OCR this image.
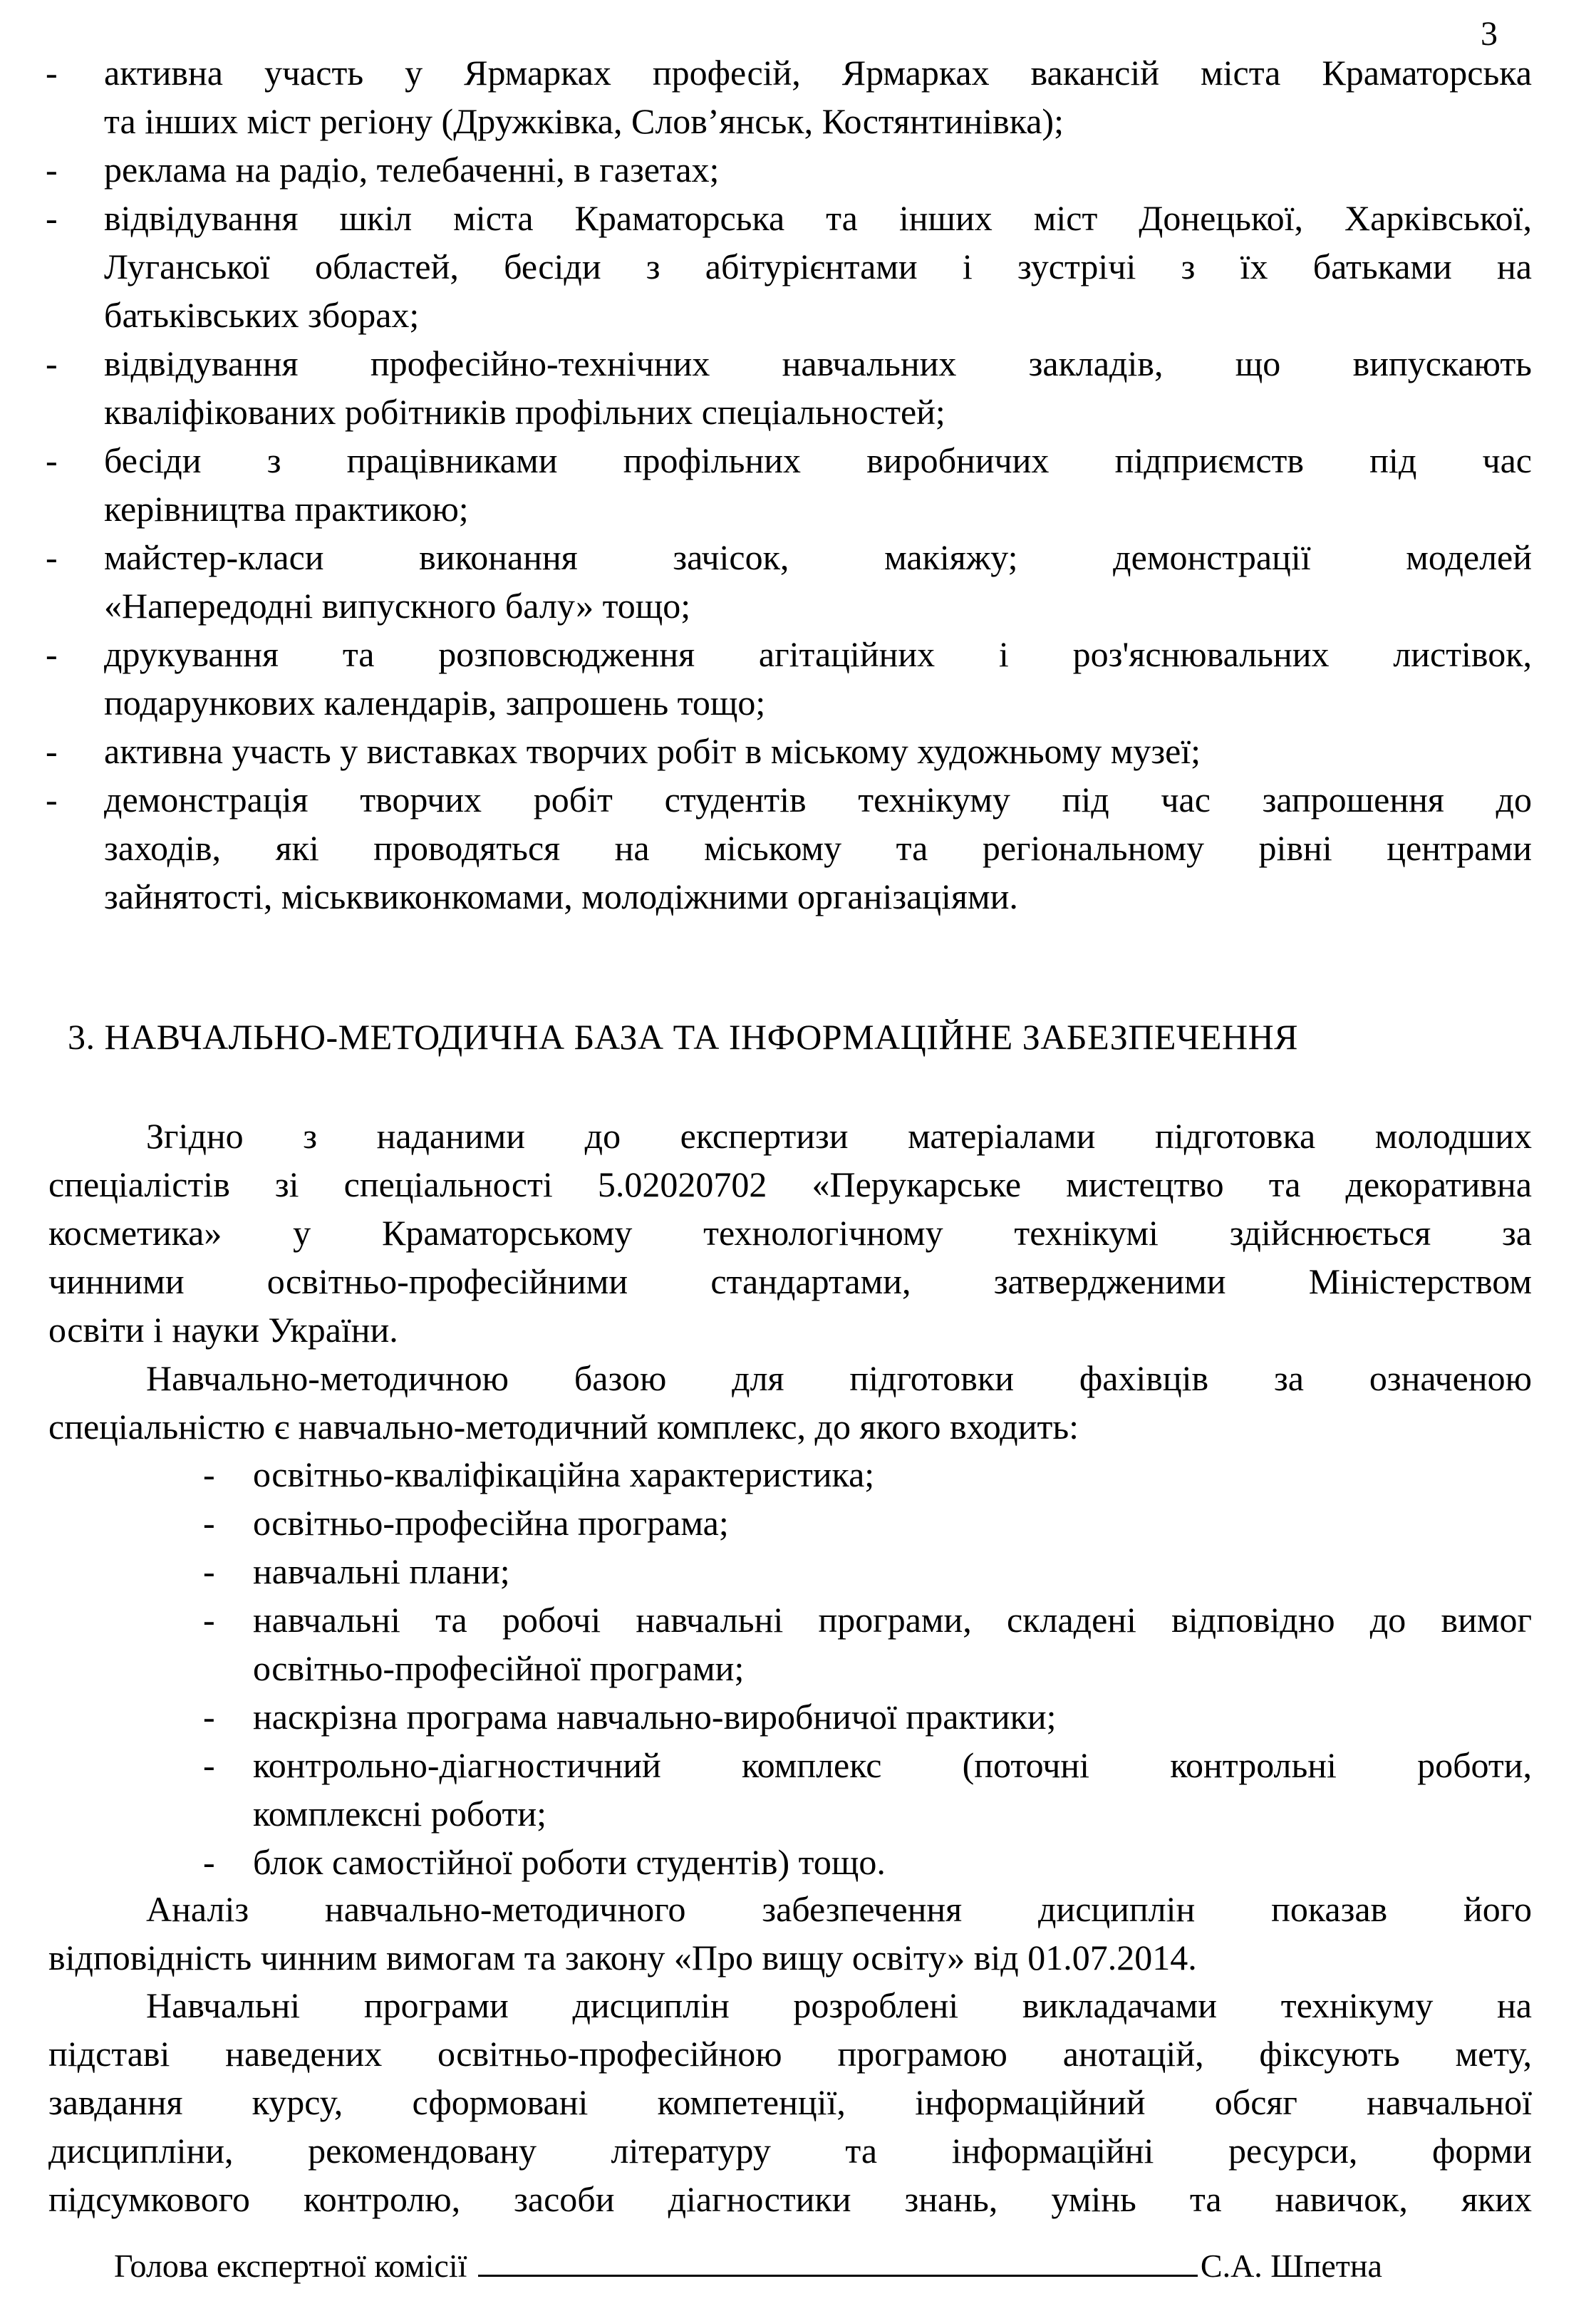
3
- активна участь у Ярмарках професій, Ярмарках вакансій міста Краматорська
та інших міст регіону (Дружківка, Слов’янськ, Костянтинівка);
- реклама на радіо, телебаченні, в газетах;
- відвідування шкіл міста Краматорська та інших міст Донецької, Харківської,
Луганської областей, бесіди з абітурієнтами і зустрічі з їх батьками на
батьківських зборах;
- відвідування професійно-технічних навчальних закладів, що випускають
кваліфікованих робітників профільних спеціальностей;
- бесіди з працівниками профільних виробничих підприємств під час
керівництва практикою;
- майстер-класи виконання зачісок, макіяжу; демонстрації моделей
«Напередодні випускного балу» тощо;
- друкування та розповсюдження агітаційних і роз'яснювальних листівок,
подарункових календарів, запрошень тощо;
- активна участь у виставках творчих робіт в міському художньому музеї;
- демонстрація творчих робіт студентів технікуму під час запрошення до
заходів, які проводяться на міському та регіональному рівні центрами
зайнятості, міськвиконкомами, молодіжними організаціями.
3. НАВЧАЛЬНО-МЕТОДИЧНА БАЗА ТА ІНФОРМАЦІЙНЕ ЗАБЕЗПЕЧЕННЯ
Згідно з наданими до експертизи матеріалами підготовка молодших
спеціалістів зі спеціальності 5.02020702 «Перукарське мистецтво та декоративна
косметика» у Краматорському технологічному технікумі здійснюється за
чинними освітньо-професійними стандартами, затвердженими Міністерством
освіти і науки України.
Навчально-методичною базою для підготовки фахівців за означеною
спеціальністю є навчально-методичний комплекс, до якого входить:
- освітньо-кваліфікаційна характеристика;
- освітньо-професійна програма;
- навчальні плани;
- навчальні та робочі навчальні програми, складені відповідно до вимог
освітньо-професійної програми;
- наскрізна програма навчально-виробничої практики;
- контрольно-діагностичний комплекс (поточні контрольні роботи,
комплексні роботи;
- блок самостійної роботи студентів) тощо.
Аналіз навчально-методичного забезпечення дисциплін показав його
відповідність чинним вимогам та закону «Про вищу освіту» від 01.07.2014.
Навчальні програми дисциплін розроблені викладачами технікуму на
підставі наведених освітньо-професійною програмою анотацій, фіксують мету,
завдання курсу, сформовані компетенції, інформаційний обсяг навчальної
дисципліни, рекомендовану літературу та інформаційні ресурси, форми
підсумкового контролю, засоби діагностики знань, умінь та навичок, яких
Голова експертної комісії	С.А. Шпетна
